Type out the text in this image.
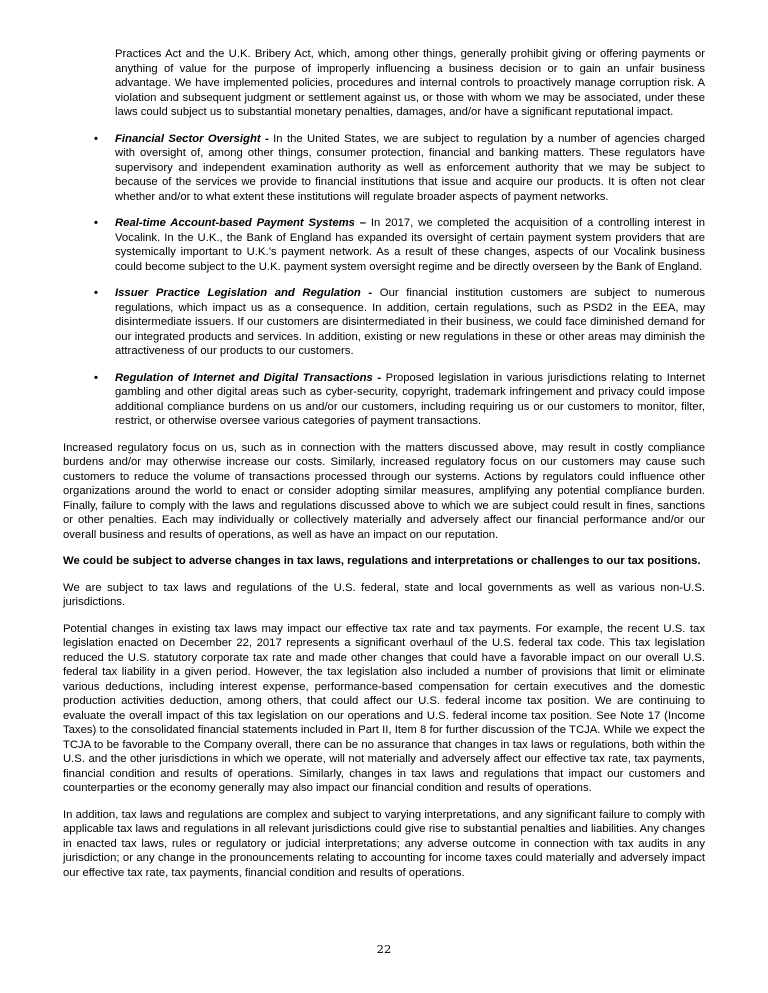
Practices Act and the U.K. Bribery Act, which, among other things, generally prohibit giving or offering payments or anything of value for the purpose of improperly influencing a business decision or to gain an unfair business advantage. We have implemented policies, procedures and internal controls to proactively manage corruption risk. A violation and subsequent judgment or settlement against us, or those with whom we may be associated, under these laws could subject us to substantial monetary penalties, damages, and/or have a significant reputational impact.

• Financial Sector Oversight - In the United States, we are subject to regulation by a number of agencies charged with oversight of, among other things, consumer protection, financial and banking matters. These regulators have supervisory and independent examination authority as well as enforcement authority that we may be subject to because of the services we provide to financial institutions that issue and acquire our products. It is often not clear whether and/or to what extent these institutions will regulate broader aspects of payment networks.
• Real-time Account-based Payment Systems – In 2017, we completed the acquisition of a controlling interest in Vocalink. In the U.K., the Bank of England has expanded its oversight of certain payment system providers that are systemically important to U.K.’s payment network. As a result of these changes, aspects of our Vocalink business could become subject to the U.K. payment system oversight regime and be directly overseen by the Bank of England.
• Issuer Practice Legislation and Regulation - Our financial institution customers are subject to numerous regulations, which impact us as a consequence. In addition, certain regulations, such as PSD2 in the EEA, may disintermediate issuers. If our customers are disintermediated in their business, we could face diminished demand for our integrated products and services. In addition, existing or new regulations in these or other areas may diminish the attractiveness of our products to our customers.
• Regulation of Internet and Digital Transactions - Proposed legislation in various jurisdictions relating to Internet gambling and other digital areas such as cyber-security, copyright, trademark infringement and privacy could impose additional compliance burdens on us and/or our customers, including requiring us or our customers to monitor, filter, restrict, or otherwise oversee various categories of payment transactions.

Increased regulatory focus on us, such as in connection with the matters discussed above, may result in costly compliance burdens and/or may otherwise increase our costs. Similarly, increased regulatory focus on our customers may cause such customers to reduce the volume of transactions processed through our systems. Actions by regulators could influence other organizations around the world to enact or consider adopting similar measures, amplifying any potential compliance burden. Finally, failure to comply with the laws and regulations discussed above to which we are subject could result in fines, sanctions or other penalties. Each may individually or collectively materially and adversely affect our financial performance and/or our overall business and results of operations, as well as have an impact on our reputation.

We could be subject to adverse changes in tax laws, regulations and interpretations or challenges to our tax positions.

We are subject to tax laws and regulations of the U.S. federal, state and local governments as well as various non-U.S. jurisdictions.

Potential changes in existing tax laws may impact our effective tax rate and tax payments. For example, the recent U.S. tax legislation enacted on December 22, 2017 represents a significant overhaul of the U.S. federal tax code. This tax legislation reduced the U.S. statutory corporate tax rate and made other changes that could have a favorable impact on our overall U.S. federal tax liability in a given period. However, the tax legislation also included a number of provisions that limit or eliminate various deductions, including interest expense, performance-based compensation for certain executives and the domestic production activities deduction, among others, that could affect our U.S. federal income tax position. We are continuing to evaluate the overall impact of this tax legislation on our operations and U.S. federal income tax position. See Note 17 (Income Taxes) to the consolidated financial statements included in Part II, Item 8 for further discussion of the TCJA. While we expect the TCJA to be favorable to the Company overall, there can be no assurance that changes in tax laws or regulations, both within the U.S. and the other jurisdictions in which we operate, will not materially and adversely affect our effective tax rate, tax payments, financial condition and results of operations. Similarly, changes in tax laws and regulations that impact our customers and counterparties or the economy generally may also impact our financial condition and results of operations.

In addition, tax laws and regulations are complex and subject to varying interpretations, and any significant failure to comply with applicable tax laws and regulations in all relevant jurisdictions could give rise to substantial penalties and liabilities. Any changes in enacted tax laws, rules or regulatory or judicial interpretations; any adverse outcome in connection with tax audits in any jurisdiction; or any change in the pronouncements relating to accounting for income taxes could materially and adversely impact our effective tax rate, tax payments, financial condition and results of operations.

22
